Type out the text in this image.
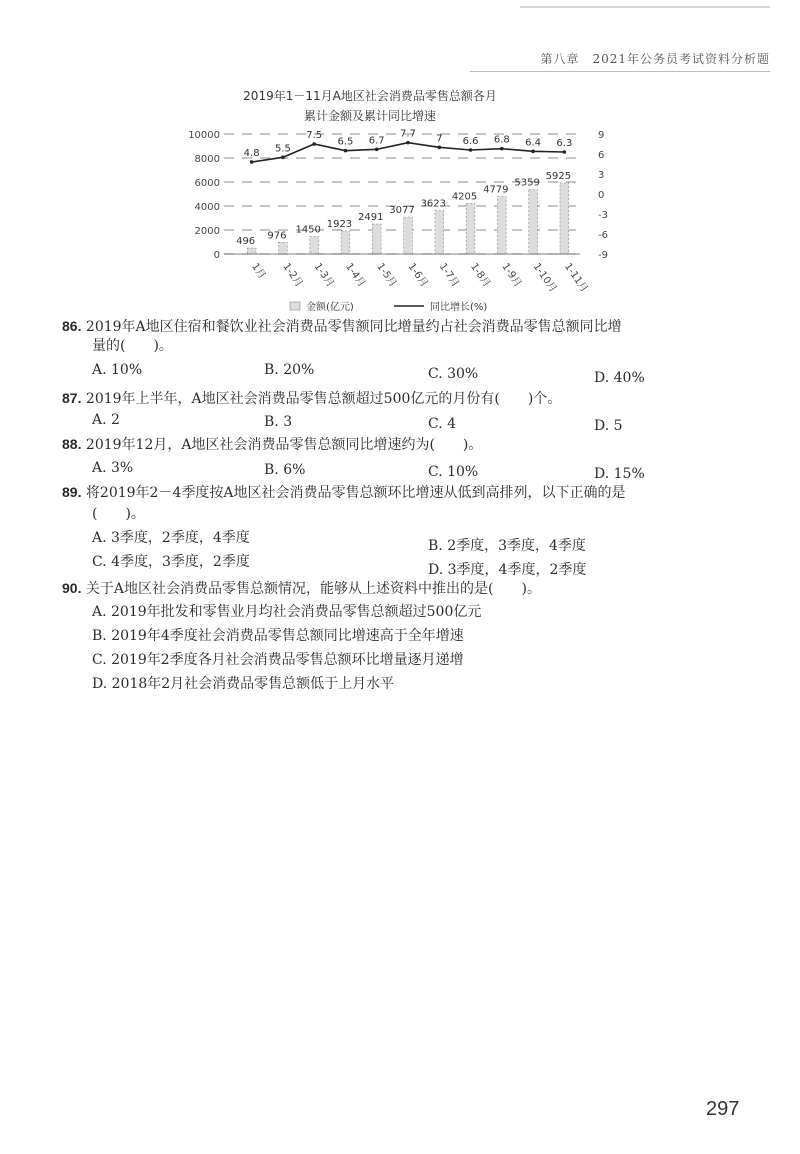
第八章　2021年公务员考试资料分析题
2019年1－11月A地区社会消费品零售总额各月
累计金额及累计同比增速
0
2000
4000
6000
8000
10000
-9
-6
-3
0
3
6
9
496
976
1450
1923
2491
3077
3623
4205
4779
5359
5925
4.8 5.5
7.5
6.5 6.7
7.7 7 6.6 6.8 6.4 6.3
1月 1-2月 1-3月 1-4月 1-5月 1-6月 1-7月 1-8月 1-9月 1-10月 1-11月
金额(亿元)	同比增长(%)
86. 2019年A地区住宿和餐饮业社会消费品零售额同比增量约占社会消费品零售总额同比增
量的(　　)。
A. 10%	B. 20%	C. 30%	D. 40%
87. 2019年上半年，A地区社会消费品零售总额超过500亿元的月份有(　　)个。
A. 2	B. 3	C. 4	D. 5
88. 2019年12月，A地区社会消费品零售总额同比增速约为(　　)。
A. 3%	B. 6%	C. 10%	D. 15%
89. 将2019年2－4季度按A地区社会消费品零售总额环比增速从低到高排列，以下正确的是
(　　)。
A. 3季度，2季度，4季度	B. 2季度，3季度，4季度
C. 4季度，3季度，2季度	D. 3季度，4季度，2季度
90. 关于A地区社会消费品零售总额情况，能够从上述资料中推出的是(　　)。
A. 2019年批发和零售业月均社会消费品零售总额超过500亿元
B. 2019年4季度社会消费品零售总额同比增速高于全年增速
C. 2019年2季度各月社会消费品零售总额环比增量逐月递增
D. 2018年2月社会消费品零售总额低于上月水平
297
